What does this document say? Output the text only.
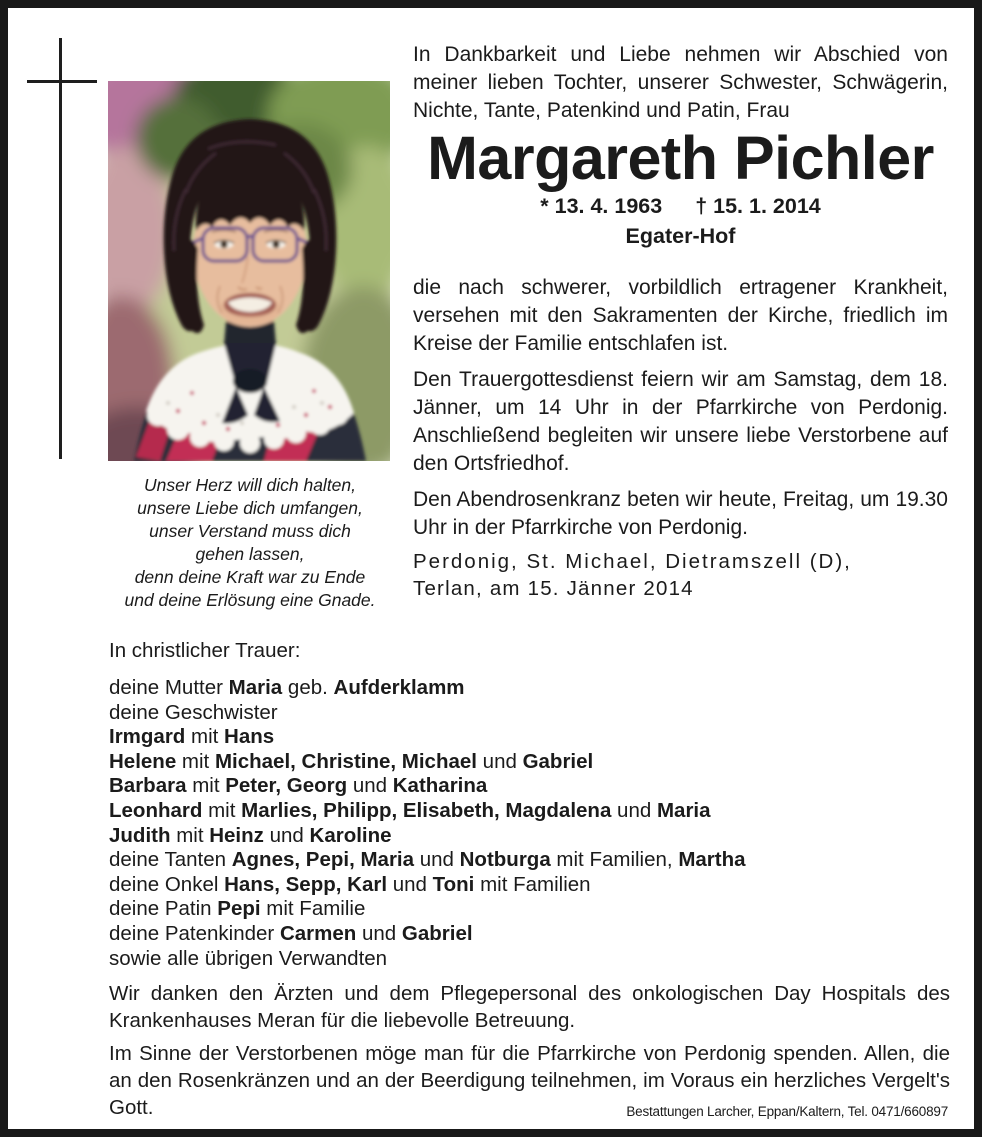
Unser Herz will dich halten,
unsere Liebe dich umfangen,
unser Verstand muss dich
gehen lassen,
denn deine Kraft war zu Ende
und deine Erlösung eine Gnade.
In Dankbarkeit und Liebe nehmen wir Abschied von meiner lieben Tochter, unserer Schwester, Schwägerin, Nichte, Tante, Patenkind und Patin, Frau
Margareth Pichler
* 13. 4. 1963 † 15. 1. 2014
Egater-Hof

die nach schwerer, vorbildlich ertragener Krankheit, versehen mit den Sakramenten der Kirche, friedlich im Kreise der Familie entschlafen ist.

Den Trauergottesdienst feiern wir am Samstag, dem 18. Jänner, um 14 Uhr in der Pfarrkirche von Perdonig. Anschließend begleiten wir unsere liebe Verstorbene auf den Ortsfriedhof.

Den Abendrosenkranz beten wir heute, Freitag, um 19.30 Uhr in der Pfarrkirche von Perdonig.

Perdonig, St. Michael, Dietramszell (D),
Terlan, am 15. Jänner 2014
In christlicher Trauer:
deine Mutter Maria geb. Aufderklamm
deine Geschwister
Irmgard mit Hans
Helene mit Michael, Christine, Michael und Gabriel
Barbara mit Peter, Georg und Katharina
Leonhard mit Marlies, Philipp, Elisabeth, Magdalena und Maria
Judith mit Heinz und Karoline
deine Tanten Agnes, Pepi, Maria und Notburga mit Familien, Martha
deine Onkel Hans, Sepp, Karl und Toni mit Familien
deine Patin Pepi mit Familie
deine Patenkinder Carmen und Gabriel
sowie alle übrigen Verwandten

Wir danken den Ärzten und dem Pflegepersonal des onkologischen Day Hospitals des Krankenhauses Meran für die liebevolle Betreuung.

Im Sinne der Verstorbenen möge man für die Pfarrkirche von Perdonig spenden. Allen, die an den Rosenkränzen und an der Beerdigung teilnehmen, im Voraus ein herzliches Vergelt's Gott.	Bestattungen Larcher, Eppan/Kaltern, Tel. 0471/660897
